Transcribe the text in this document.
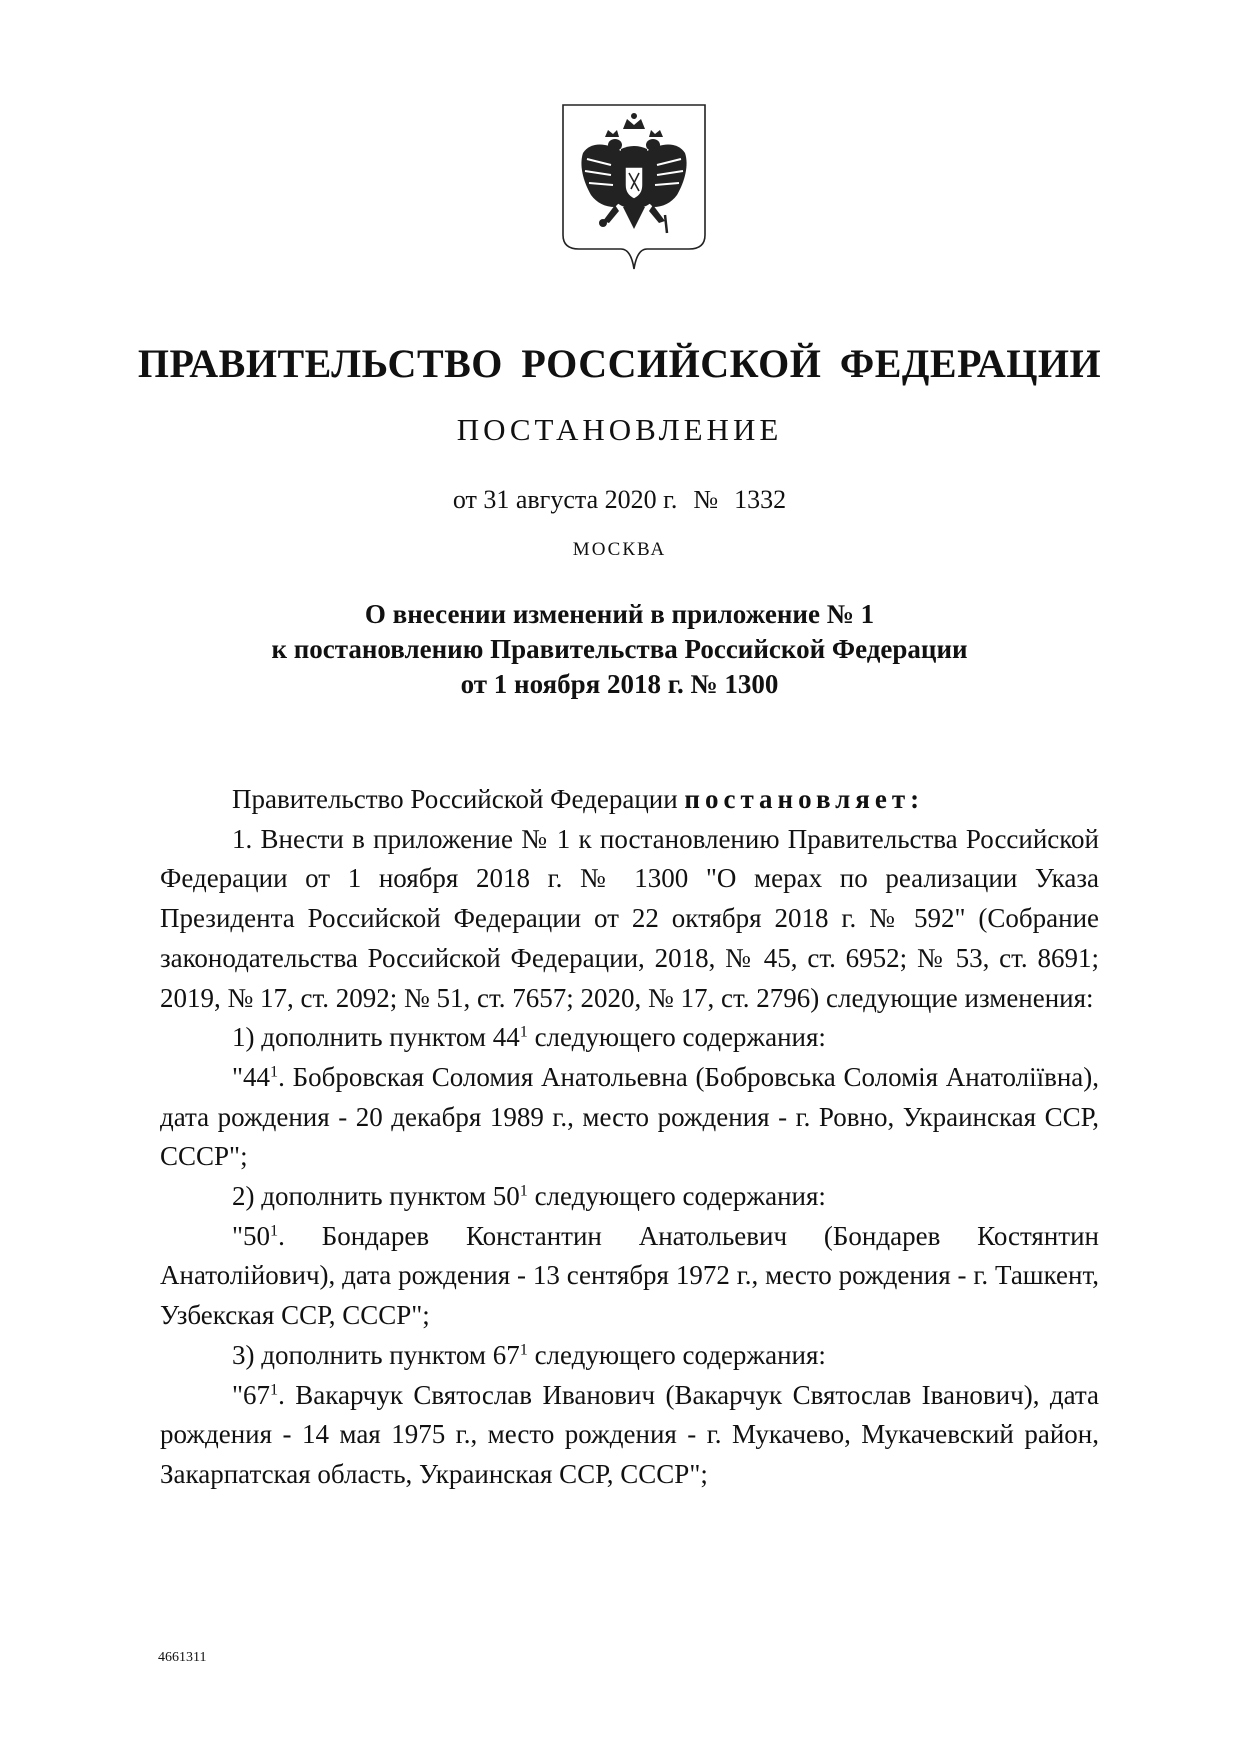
ПРАВИТЕЛЬСТВО РОССИЙСКОЙ ФЕДЕРАЦИИ
ПОСТАНОВЛЕНИЕ
от 31 августа 2020 г. № 1332
МОСКВА
О внесении изменений в приложение № 1
к постановлению Правительства Российской Федерации
от 1 ноября 2018 г. № 1300

Правительство Российской Федерации постановляет:

1. Внести в приложение № 1 к постановлению Правительства Российской Федерации от 1 ноября 2018 г. № 1300 "О мерах по реализации Указа Президента Российской Федерации от 22 октября 2018 г. № 592" (Собрание законодательства Российской Федерации, 2018, № 45, ст. 6952; № 53, ст. 8691; 2019, № 17, ст. 2092; № 51, ст. 7657; 2020, № 17, ст. 2796) следующие изменения:

1) дополнить пунктом $44^1$ следующего содержания:

"$44^1$. Бобровская Соломия Анатольевна (Бобровська Соломія Анатоліївна), дата рождения - 20 декабря 1989 г., место рождения - г. Ровно, Украинская ССР, СССР";

2) дополнить пунктом $50^1$ следующего содержания:

"$50^1$. Бондарев Константин Анатольевич (Бондарев Костянтин Анатолійович), дата рождения - 13 сентября 1972 г., место рождения - г. Ташкент, Узбекская ССР, СССР";

3) дополнить пунктом $67^1$ следующего содержания:

"$67^1$. Вакарчук Святослав Иванович (Вакарчук Святослав Іванович), дата рождения - 14 мая 1975 г., место рождения - г. Мукачево, Мукачевский район, Закарпатская область, Украинская ССР, СССР";

4661311
